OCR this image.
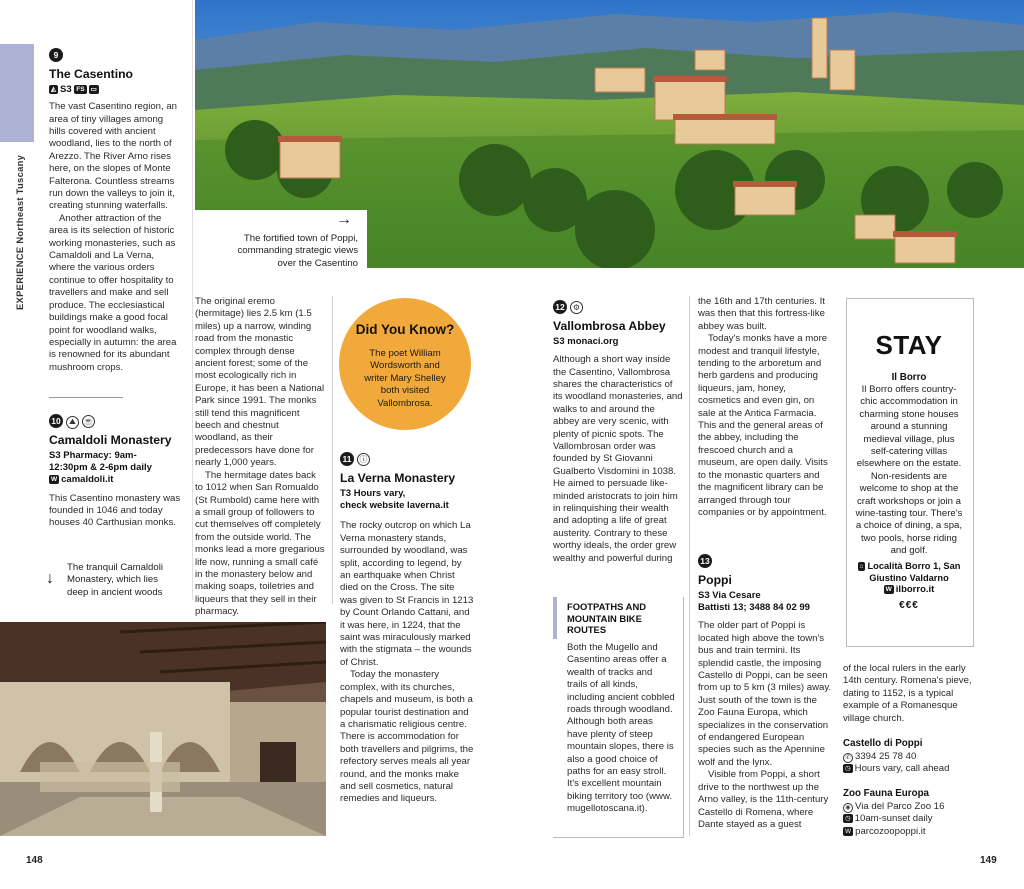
EXPERIENCE Northeast Tuscany
9
The Casentino
◭ S3 FS ▭

The vast Casentino region, an area of tiny villages among hills covered with ancient woodland, lies to the north of Arezzo. The River Arno rises here, on the slopes of Monte Falterona. Countless streams run down the valleys to join it, creating stunning waterfalls.

Another attraction of the area is its selection of historic working monasteries, such as Camaldoli and La Verna, where the various orders continue to offer hospitality to travellers and make and sell produce. The ecclesiastical buildings make a good focal point for woodland walks, especially in autumn: the area is renowned for its abundant mushroom crops.

10 ⛰ ☕
Camaldoli Monastery
S3 Pharmacy: 9am-
12:30pm & 2-6pm daily
W camaldoli.it
This Casentino monastery was founded in 1046 and today houses 40 Carthusian monks.
↓
The tranquil Camaldoli Monastery, which lies deep in ancient woods
→
The fortified town of Poppi, commanding strategic views over the Casentino

The original eremo (hermitage) lies 2.5 km (1.5 miles) up a narrow, winding road from the monastic complex through dense ancient forest; some of the most ecologically rich in Europe, it has been a National Park since 1991. The monks still tend this magnificent beech and chestnut woodland, as their predecessors have done for nearly 1,000 years.

The hermitage dates back to 1012 when San Romualdo (St Rumbold) came here with a small group of followers to cut themselves off completely from the outside world. The monks lead a more gregarious life now, running a small café in the monastery below and making soaps, toiletries and liqueurs that they sell in their pharmacy.

Did You Know?
The poet William Wordsworth and writer Mary Shelley both visited Vallombrosa.
11 ⓘ
La Verna Monastery
T3 Hours vary,
check website laverna.it

The rocky outcrop on which La Verna monastery stands, surrounded by woodland, was split, according to legend, by an earthquake when Christ died on the Cross. The site was given to St Francis in 1213 by Count Orlando Cattani, and it was here, in 1224, that the saint was miraculously marked with the stigmata – the wounds of Christ.

Today the monastery complex, with its churches, chapels and museum, is both a popular tourist destination and a charismatic religious centre. There is accommodation for both travellers and pilgrims, the refectory serves meals all year round, and the monks make and sell cosmetics, natural remedies and liqueurs.

12 ⚙
Vallombrosa Abbey
S3 monaci.org
Although a short way inside the Casentino, Vallombrosa shares the characteristics of its woodland monasteries, and walks to and around the abbey are very scenic, with plenty of picnic spots. The Vallombrosan order was founded by St Giovanni Gualberto Visdomini in 1038. He aimed to persuade like-minded aristocrats to join him in relinquishing their wealth and adopting a life of great austerity. Contrary to these worthy ideals, the order grew wealthy and powerful during
FOOTPATHS AND MOUNTAIN BIKE ROUTES
Both the Mugello and Casentino areas offer a wealth of tracks and trails of all kinds, including ancient cobbled roads through woodland. Although both areas have plenty of steep mountain slopes, there is also a good choice of paths for an easy stroll. It's excellent mountain biking territory too (www. mugellotoscana.it).

the 16th and 17th centuries. It was then that this fortress-like abbey was built.

Today's monks have a more modest and tranquil lifestyle, tending to the arboretum and herb gardens and producing liqueurs, jam, honey, cosmetics and even gin, on sale at the Antica Farmacia. This and the general areas of the abbey, including the frescoed church and a museum, are open daily. Visits to the monastic quarters and the magnificent library can be arranged through tour companies or by appointment.

13
Poppi
S3 Via Cesare
Battisti 13; 3488 84 02 99

The older part of Poppi is located high above the town's bus and train termini. Its splendid castle, the imposing Castello di Poppi, can be seen from up to 5 km (3 miles) away. Just south of the town is the Zoo Fauna Europa, which specializes in the conservation of endangered European species such as the Apennine wolf and the lynx.

Visible from Poppi, a short drive to the northwest up the Arno valley, is the 11th-century Castello di Romena, where Dante stayed as a guest

STAY
Il Borro
Il Borro offers country-chic accommodation in charming stone houses around a stunning medieval village, plus self-catering villas elsewhere on the estate. Non-residents are welcome to shop at the craft workshops or join a wine-tasting tour. There's a choice of dining, a spa, two pools, horse riding and golf.
⌂ Località Borro 1, San Giustino Valdarno
W ilborro.it
€€€
of the local rulers in the early 14th century. Romena's pieve, dating to 1152, is a typical example of a Romanesque village church.
Castello di Poppi
✆ 3394 25 78 40
◷ Hours vary, call ahead
Zoo Fauna Europa
◉ Via del Parco Zoo 16
◷ 10am-sunset daily
W parcozoopoppi.it
148	149
